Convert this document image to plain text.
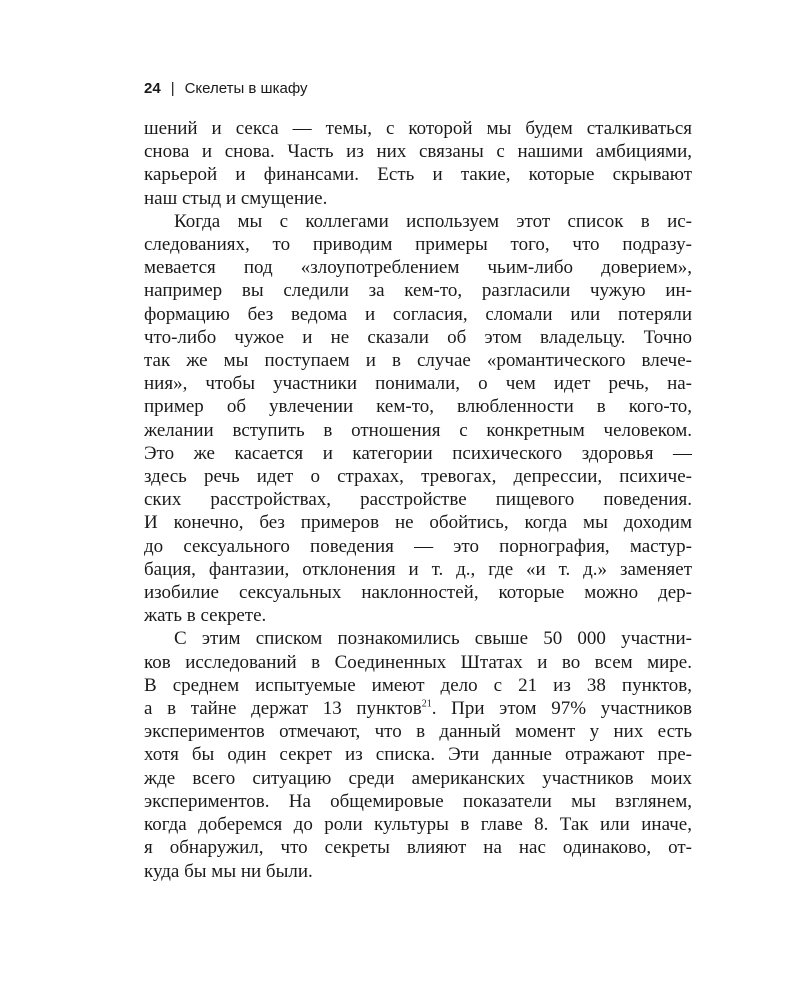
24 | Скелеты в шкафу

шений и секса — темы, с которой мы будем сталкиваться
снова и снова. Часть из них связаны с нашими амбициями,
карьерой и финансами. Есть и такие, которые скрывают
наш стыд и смущение.

Когда мы с коллегами используем этот список в ис-
следованиях, то приводим примеры того, что подразу-
мевается под «злоупотреблением чьим-либо доверием»,
например вы следили за кем-то, разгласили чужую ин-
формацию без ведома и согласия, сломали или потеряли
что-либо чужое и не сказали об этом владельцу. Точно
так же мы поступаем и в случае «романтического влече-
ния», чтобы участники понимали, о чем идет речь, на-
пример об увлечении кем-то, влюбленности в кого-то,
желании вступить в отношения с конкретным человеком.
Это же касается и категории психического здоровья —
здесь речь идет о страхах, тревогах, депрессии, психиче-
ских расстройствах, расстройстве пищевого поведения.
И конечно, без примеров не обойтись, когда мы доходим
до сексуального поведения — это порнография, мастур-
бация, фантазии, отклонения и т. д., где «и т. д.» заменяет
изобилие сексуальных наклонностей, которые можно дер-
жать в секрете.

С этим списком познакомились свыше 50 000 участни-
ков исследований в Соединенных Штатах и во всем мире.
В среднем испытуемые имеют дело с 21 из 38 пунктов,
а в тайне держат 13 пунктов$^{21}$. При этом 97% участников
экспериментов отмечают, что в данный момент у них есть
хотя бы один секрет из списка. Эти данные отражают пре-
жде всего ситуацию среди американских участников моих
экспериментов. На общемировые показатели мы взглянем,
когда доберемся до роли культуры в главе 8. Так или иначе,
я обнаружил, что секреты влияют на нас одинаково, от-
куда бы мы ни были.
